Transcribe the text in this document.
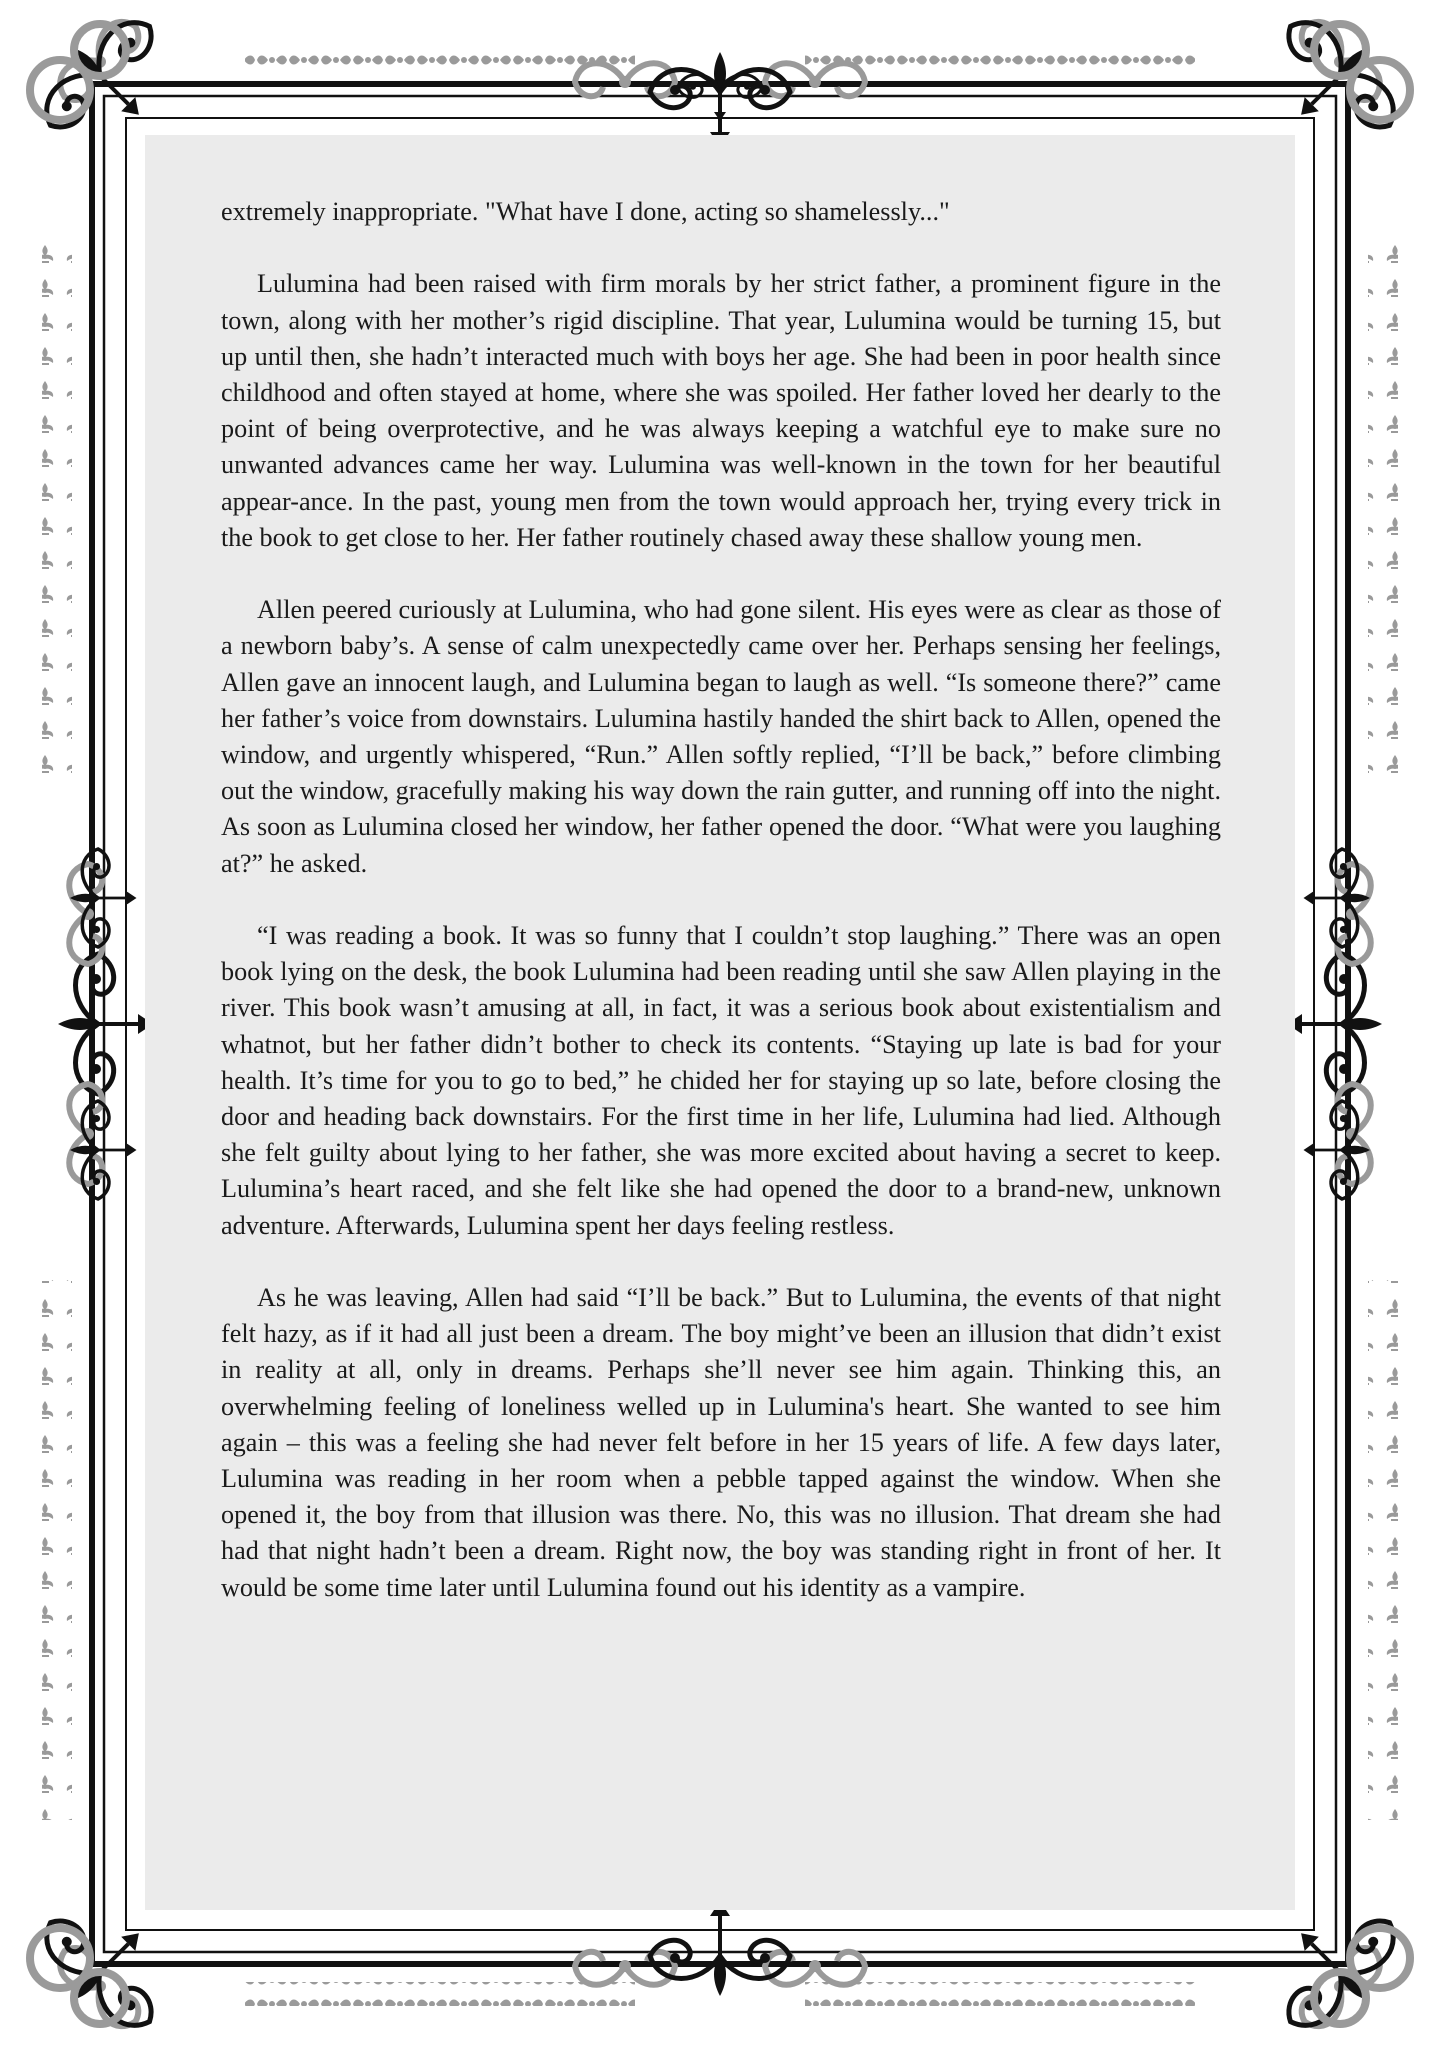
extremely inappropriate. "What have I done, acting so shamelessly..."

Lulumina had been raised with firm morals by her strict father, a prominent figure in the town, along with her mother’s rigid discipline. That year, Lulumina would be turning 15, but up until then, she hadn’t interacted much with boys her age. She had been in poor health since childhood and often stayed at home, where she was spoiled. Her father loved her dearly to the point of being overprotective, and he was always keeping a watchful eye to make sure no unwanted advances came her way. Lulumina was well-known in the town for her beautiful appear-ance. In the past, young men from the town would approach her, trying every trick in the book to get close to her. Her father routinely chased away these shallow young men.

Allen peered curiously at Lulumina, who had gone silent. His eyes were as clear as those of a newborn baby’s. A sense of calm unexpectedly came over her. Perhaps sensing her feelings, Allen gave an innocent laugh, and Lulumina began to laugh as well. “Is someone there?” came her father’s voice from downstairs. Lulumina hastily handed the shirt back to Allen, opened the window, and urgently whispered, “Run.” Allen softly replied, “I’ll be back,” before climbing out the window, gracefully making his way down the rain gutter, and running off into the night. As soon as Lulumina closed her window, her father opened the door. “What were you laughing at?” he asked.

“I was reading a book. It was so funny that I couldn’t stop laughing.” There was an open book lying on the desk, the book Lulumina had been reading until she saw Allen playing in the river. This book wasn’t amusing at all, in fact, it was a serious book about existentialism and whatnot, but her father didn’t bother to check its contents. “Staying up late is bad for your health. It’s time for you to go to bed,” he chided her for staying up so late, before closing the door and heading back downstairs. For the first time in her life, Lulumina had lied. Although she felt guilty about lying to her father, she was more excited about having a secret to keep. Lulumina’s heart raced, and she felt like she had opened the door to a brand-new, unknown adventure. Afterwards, Lulumina spent her days feeling restless.

As he was leaving, Allen had said “I’ll be back.” But to Lulumina, the events of that night felt hazy, as if it had all just been a dream. The boy might’ve been an illusion that didn’t exist in reality at all, only in dreams. Perhaps she’ll never see him again. Thinking this, an overwhelming feeling of loneliness welled up in Lulumina's heart. She wanted to see him again – this was a feeling she had never felt before in her 15 years of life. A few days later, Lulumina was reading in her room when a pebble tapped against the window. When she opened it, the boy from that illusion was there. No, this was no illusion. That dream she had had that night hadn’t been a dream. Right now, the boy was standing right in front of her. It would be some time later until Lulumina found out his identity as a vampire.
